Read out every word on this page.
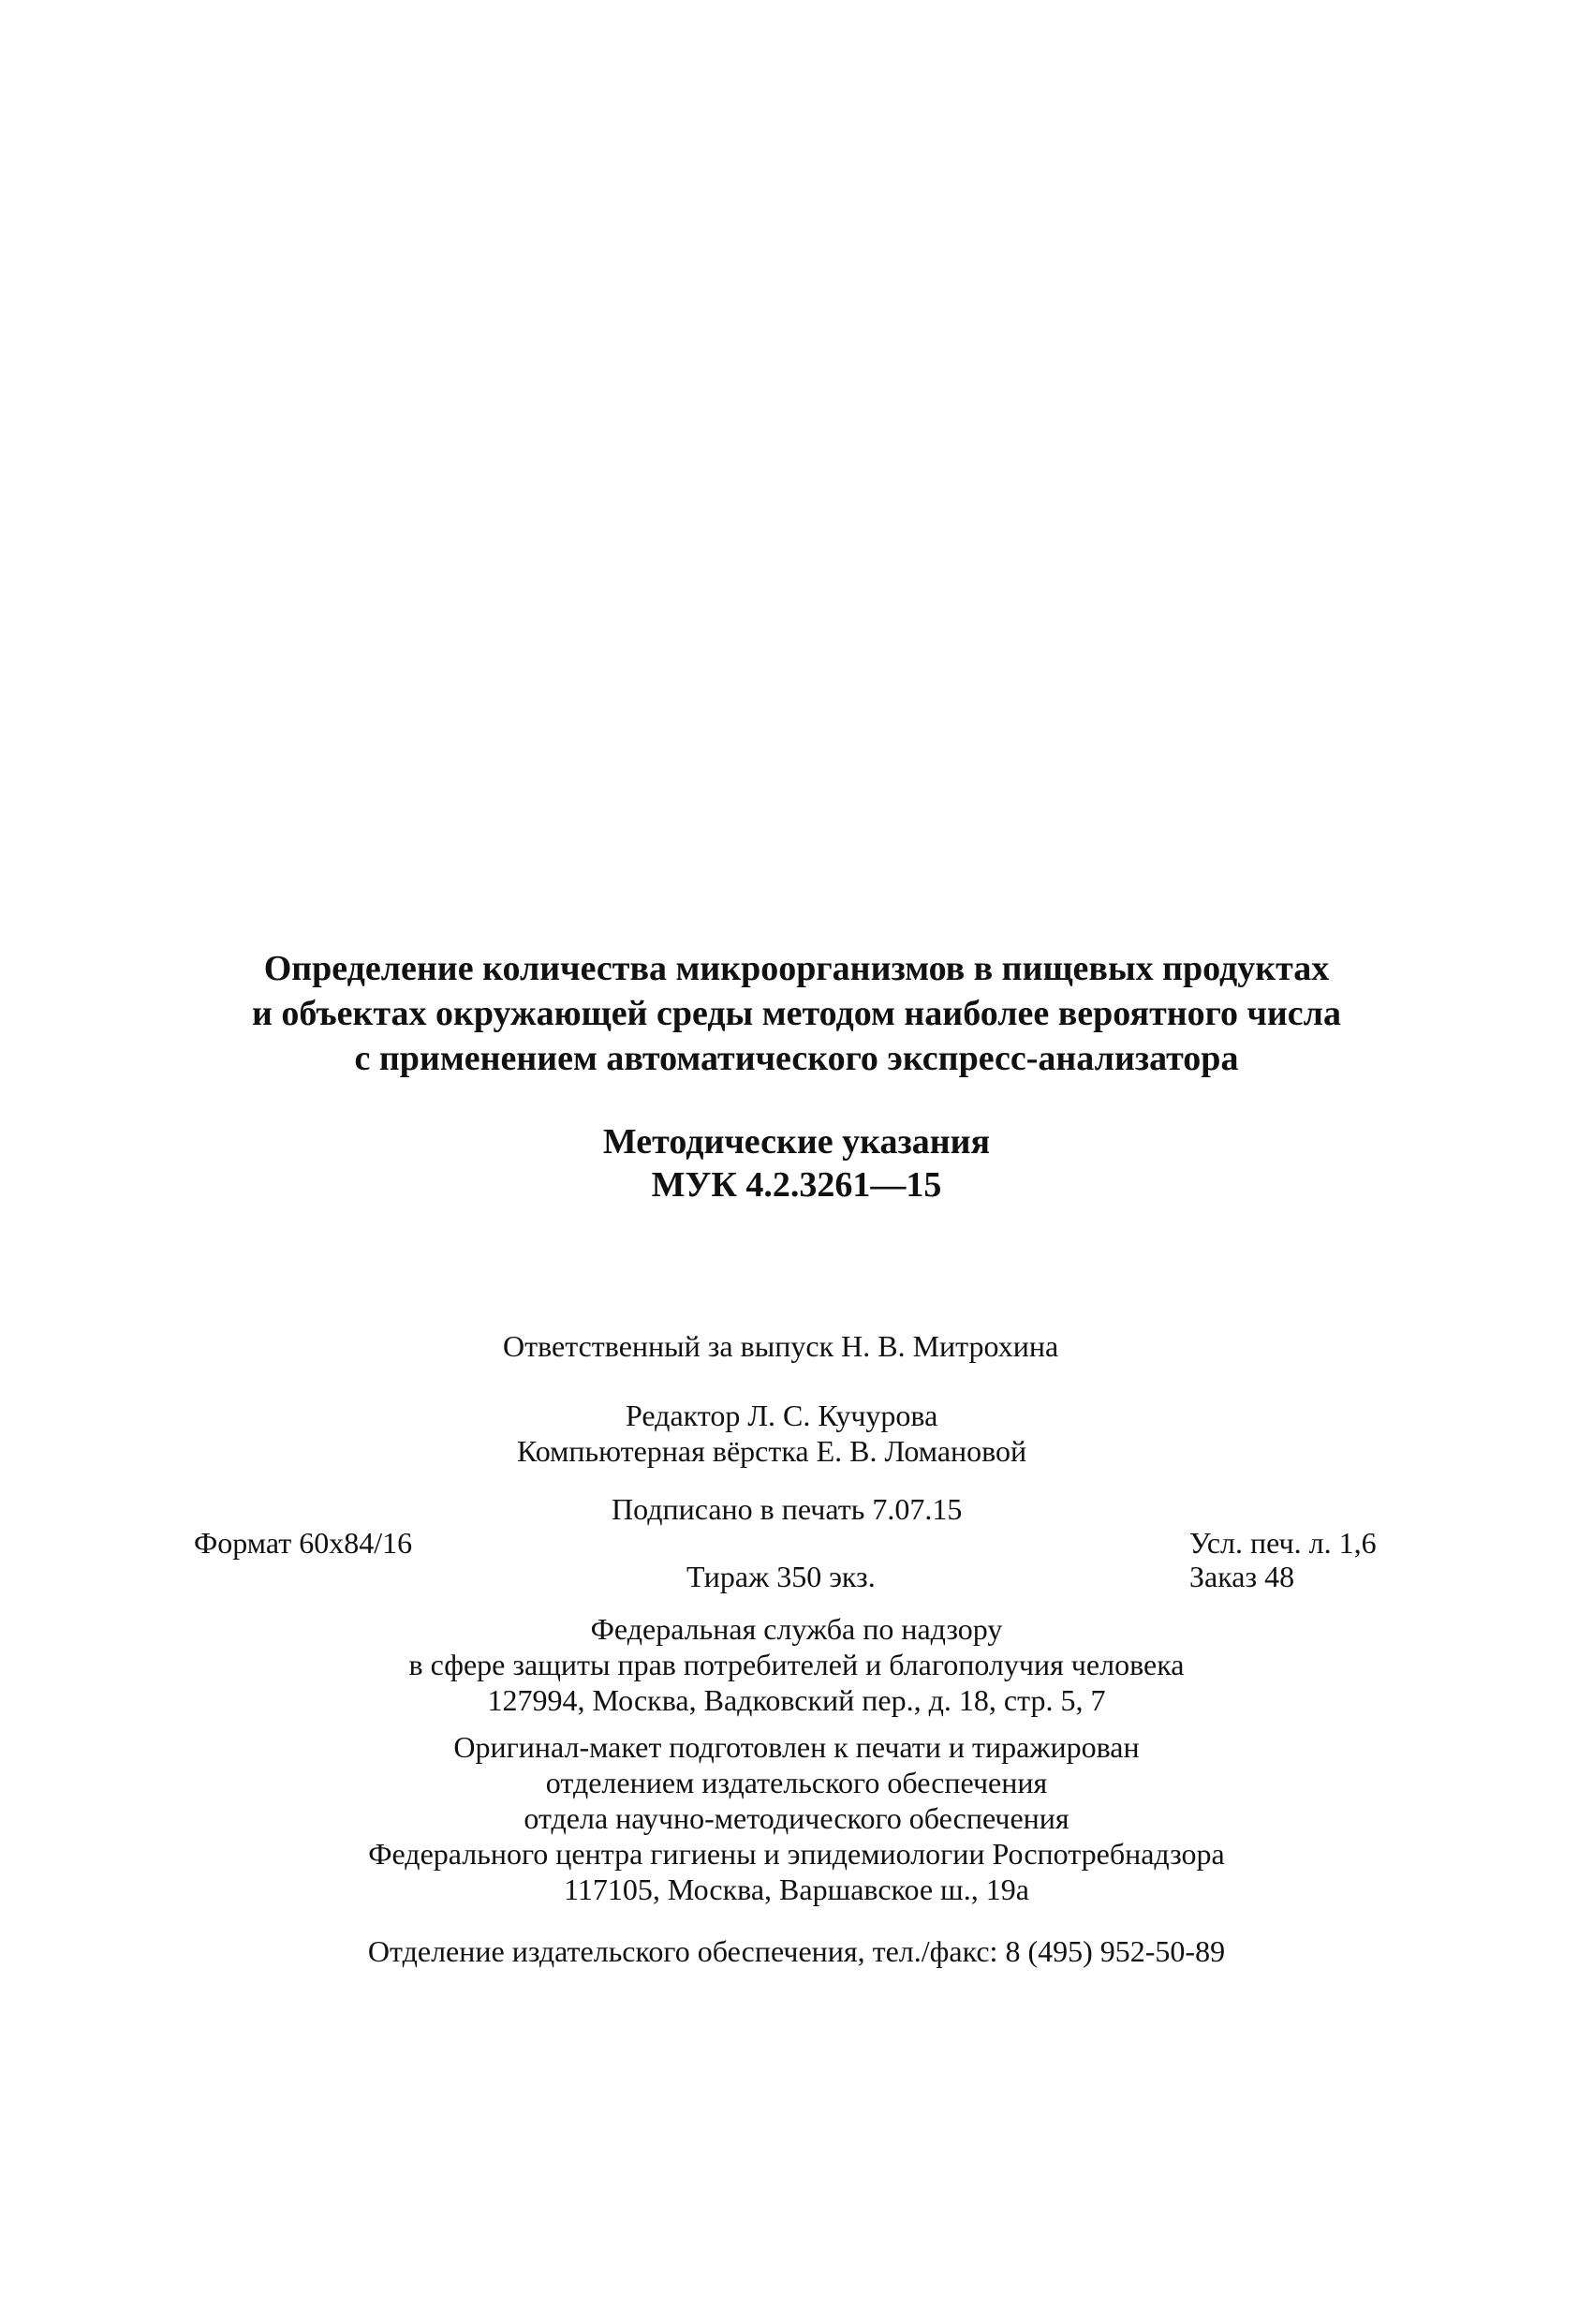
Определение количества микроорганизмов в пищевых продуктах
и объектах окружающей среды методом наиболее вероятного числа
с применением автоматического экспресс-анализатора
Методические указания
МУК 4.2.3261—15
Ответственный за выпуск Н. В. Митрохина
Редактор Л. С. Кучурова
Компьютерная вёрстка Е. В. Ломановой
Подписано в печать 7.07.15
Формат 60x84/16	Усл. печ. л. 1,6
Тираж 350 экз.	Заказ 48
Федеральная служба по надзору
в сфере защиты прав потребителей и благополучия человека
127994, Москва, Вадковский пер., д. 18, стр. 5, 7
Оригинал-макет подготовлен к печати и тиражирован
отделением издательского обеспечения
отдела научно-методического обеспечения
Федерального центра гигиены и эпидемиологии Роспотребнадзора
117105, Москва, Варшавское ш., 19а
Отделение издательского обеспечения, тел./факс: 8 (495) 952-50-89
